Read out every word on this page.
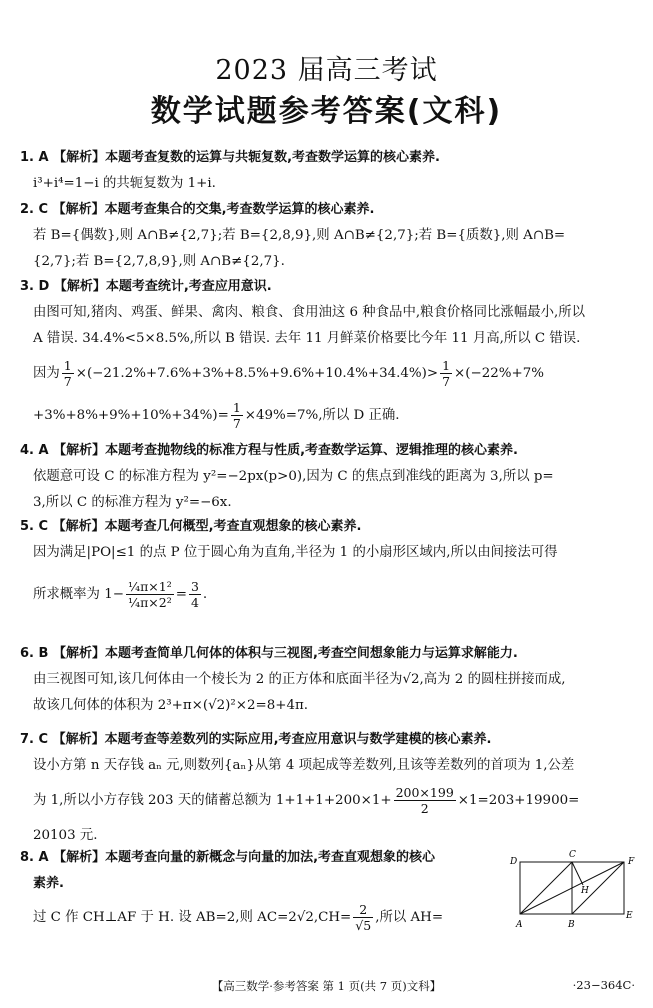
2023 届高三考试
数学试题参考答案(文科)
1. A 【解析】本题考查复数的运算与共轭复数,考查数学运算的核心素养.
i³+i⁴=1−i 的共轭复数为 1+i.
2. C 【解析】本题考查集合的交集,考查数学运算的核心素养.
若 B={偶数},则 A∩B≠{2,7};若 B={2,8,9},则 A∩B≠{2,7};若 B={质数},则 A∩B=
{2,7};若 B={2,7,8,9},则 A∩B≠{2,7}.
3. D 【解析】本题考查统计,考查应用意识.
由图可知,猪肉、鸡蛋、鲜果、禽肉、粮食、食用油这 6 种食品中,粮食价格同比涨幅最小,所以
A 错误. 34.4%<5×8.5%,所以 B 错误. 去年 11 月鲜菜价格要比今年 11 月高,所以 C 错误.
因为 $\frac{1}{7} \times(-21.2\%+7.6\%+3\%+8.5\%+9.6\%+10.4\%+34.4\%)> \frac{1}{7} \times(-22\%+7\%$
$+3\%+8\%+9\%+10\%+34\%)= \frac{1}{7} \times 49\%=7\%$,所以 D 正确.
4. A 【解析】本题考查抛物线的标准方程与性质,考查数学运算、逻辑推理的核心素养.
依题意可设 C 的标准方程为 y²=−2px(p>0),因为 C 的焦点到准线的距离为 3,所以 p=
3,所以 C 的标准方程为 y²=−6x.
5. C 【解析】本题考查几何概型,考查直观想象的核心素养.
因为满足|PO|≤1 的点 P 位于圆心角为直角,半径为 1 的小扇形区域内,所以由间接法可得
所求概率为 $1- \frac{\text{¼π×1²}}{\text{¼π×2²}} = \frac{3}{4}$ .
6. B 【解析】本题考查简单几何体的体积与三视图,考查空间想象能力与运算求解能力.
由三视图可知,该几何体由一个棱长为 2 的正方体和底面半径为√2,高为 2 的圆柱拼接而成,
故该几何体的体积为 2³+π×(√2)²×2=8+4π.
7. C 【解析】本题考查等差数列的实际应用,考查应用意识与数学建模的核心素养.
设小方第 n 天存钱 aₙ 元,则数列{aₙ}从第 4 项起成等差数列,且该等差数列的首项为 1,公差
为 1,所以小方存钱 203 天的储蓄总额为 $1+1+1+200\times 1+ \frac{200\times 199}{2} \times 1=203+19900=$
20103 元.
8. A 【解析】本题考查向量的新概念与向量的加法,考查直观想象的核心
素养.
过 C 作 CH⊥AF 于 H. 设 AB=2,则 $AC=2√2,CH= \frac{2}{√5}$ ,所以 AH=
D
C
F
H
A	B
E
【高三数学·参考答案 第 1 页(共 7 页)文科】	·23−364C·
